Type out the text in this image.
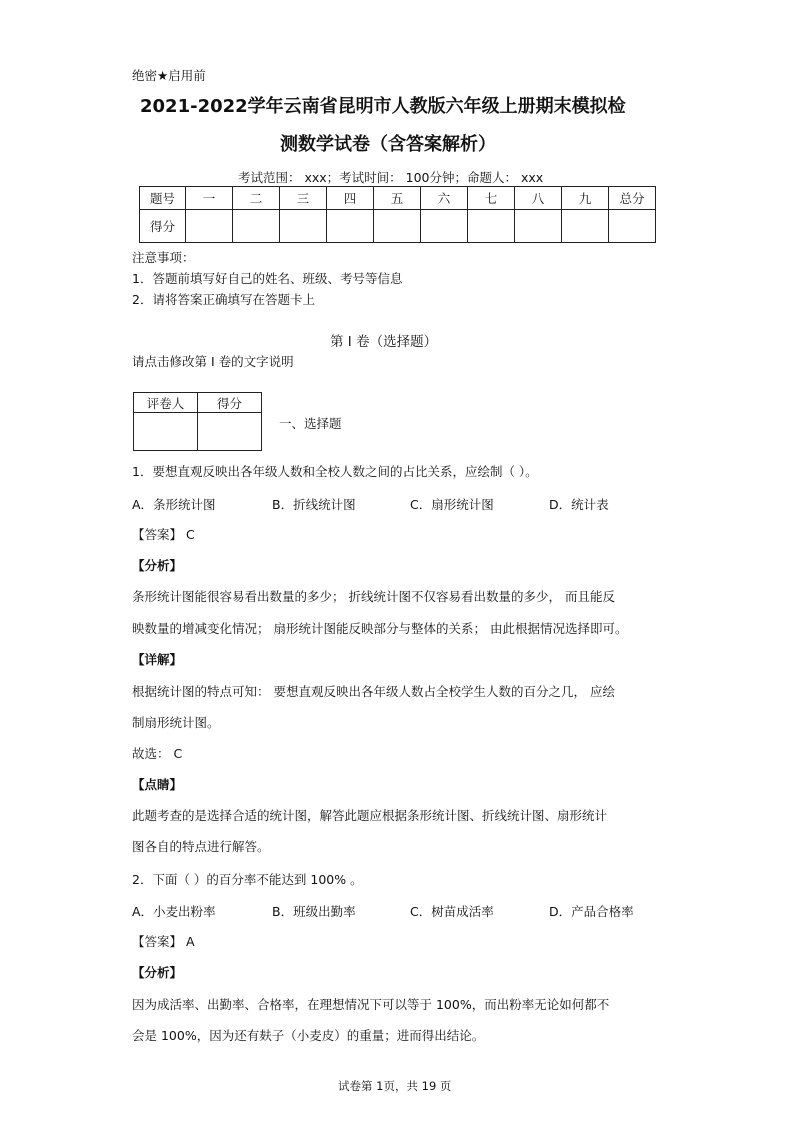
绝密★启用前
2021-2022学年云南省昆明市人教版六年级上册期末模拟检
测数学试卷（含答案解析）
考试范围： xxx；考试时间： 100分钟；命题人： xxx
题号	一	二	三	四	五	六	七	八	九	总分
得分										
注意事项：
1．答题前填写好自己的姓名、班级、考号等信息
2．请将答案正确填写在答题卡上
第 I 卷（选择题）
请点击修改第 I 卷的文字说明
评卷人	得分

一、选择题
1．要想直观反映出各年级人数和全校人数之间的占比关系，应绘制（ ）。
A．条形统计图	B．折线统计图	C．扇形统计图	D．统计表
【答案】 C
【分析】
条形统计图能很容易看出数量的多少； 折线统计图不仅容易看出数量的多少， 而且能反
映数量的增减变化情况； 扇形统计图能反映部分与整体的关系； 由此根据情况选择即可。
【详解】
根据统计图的特点可知： 要想直观反映出各年级人数占全校学生人数的百分之几， 应绘
制扇形统计图。
故选： C
【点睛】
此题考查的是选择合适的统计图，解答此题应根据条形统计图、折线统计图、扇形统计
图各自的特点进行解答。
2．下面（ ）的百分率不能达到 100% 。
A．小麦出粉率	B．班级出勤率	C．树苗成活率	D．产品合格率
【答案】 A
【分析】
因为成活率、出勤率、合格率，在理想情况下可以等于 100%，而出粉率无论如何都不
会是 100%，因为还有麸子（小麦皮）的重量；进而得出结论。
试卷第 1页，共 19 页
